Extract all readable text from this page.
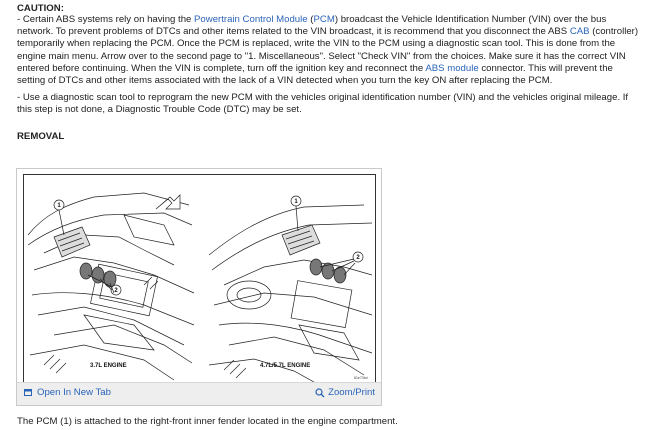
CAUTION:

- Certain ABS systems rely on having the Powertrain Control Module (PCM) broadcast the Vehicle Identification Number (VIN) over the bus network. To prevent problems of DTCs and other items related to the VIN broadcast, it is recommend that you disconnect the ABS CAB (controller) temporarily when replacing the PCM. Once the PCM is replaced, write the VIN to the PCM using a diagnostic scan tool. This is done from the engine main menu. Arrow over to the second page to "1. Miscellaneous". Select "Check VIN" from the choices. Make sure it has the correct VIN entered before continuing. When the VIN is complete, turn off the ignition key and reconnect the ABS module connector. This will prevent the setting of DTCs and other items associated with the lack of a VIN detected when you turn the key ON after replacing the PCM.

- Use a diagnostic scan tool to reprogram the new PCM with the vehicles original identification number (VIN) and the vehicles original mileage. If this step is not done, a Diagnostic Trouble Code (DTC) may be set.

REMOVAL
1
2
1
2
3.7L ENGINE	4.7L/5.7L ENGINE
81e73bd
Open In New Tab	Zoom/Print
The PCM (1) is attached to the right-front inner fender located in the engine compartment.
